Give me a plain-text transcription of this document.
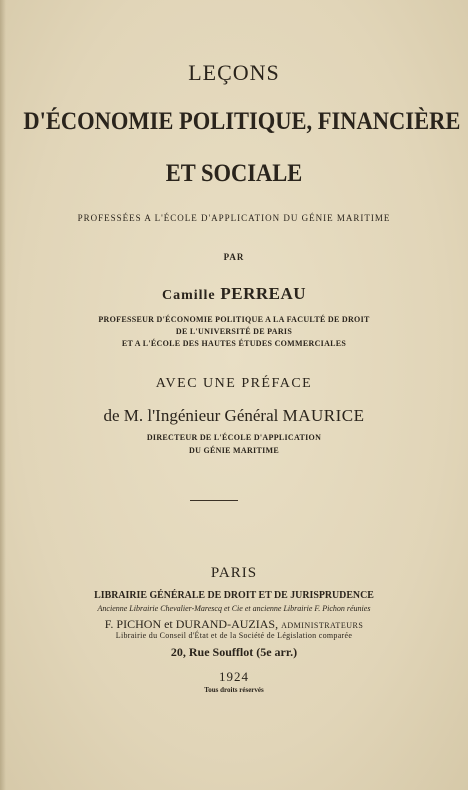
LEÇONS
D'ÉCONOMIE POLITIQUE, FINANCIÈRE
ET SOCIALE
PROFESSÉES A L'ÉCOLE D'APPLICATION DU GÉNIE MARITIME
PAR
Camille PERREAU
PROFESSEUR D'ÉCONOMIE POLITIQUE A LA FACULTÉ DE DROIT
DE L'UNIVERSITÉ DE PARIS
ET A L'ÉCOLE DES HAUTES ÉTUDES COMMERCIALES
AVEC UNE PRÉFACE
de M. l'Ingénieur Général MAURICE
DIRECTEUR DE L'ÉCOLE D'APPLICATION
DU GÉNIE MARITIME
PARIS
LIBRAIRIE GÉNÉRALE DE DROIT ET DE JURISPRUDENCE
Ancienne Librairie Chevalier-Marescq et Cie et ancienne Librairie F. Pichon réunies
F. PICHON et DURAND-AUZIAS, ADMINISTRATEURS
Librairie du Conseil d'État et de la Société de Législation comparée
20, Rue Soufflot (5e arr.)
1924
Tous droits réservés
